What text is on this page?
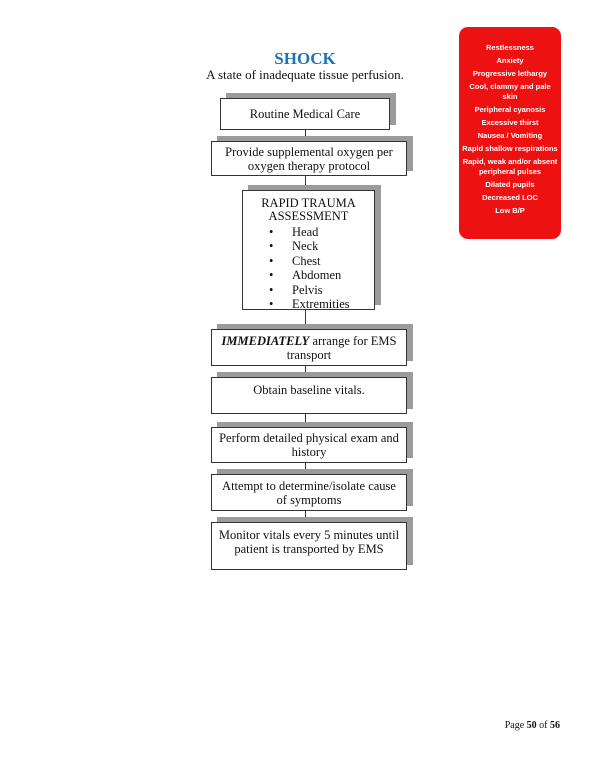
SHOCK
A state of inadequate tissue perfusion.
Routine Medical Care
Provide supplemental oxygen per oxygen therapy protocol
RAPID TRAUMA ASSESSMENT
• Head
• Neck
• Chest
• Abdomen
• Pelvis
• Extremities
IMMEDIATELY arrange for EMS transport
Obtain baseline vitals.
Perform detailed physical exam and history
Attempt to determine/isolate cause of symptoms
Monitor vitals every 5 minutes until patient is transported by EMS
Restlessness
Anxiety
Progressive lethargy
Cool, clammy and pale skin
Peripheral cyanosis
Excessive thirst
Nausea / Vomiting
Rapid shallow respirations
Rapid, weak and/or absent peripheral pulses
Dilated pupils
Decreased LOC
Low B/P
Page 50 of 56
